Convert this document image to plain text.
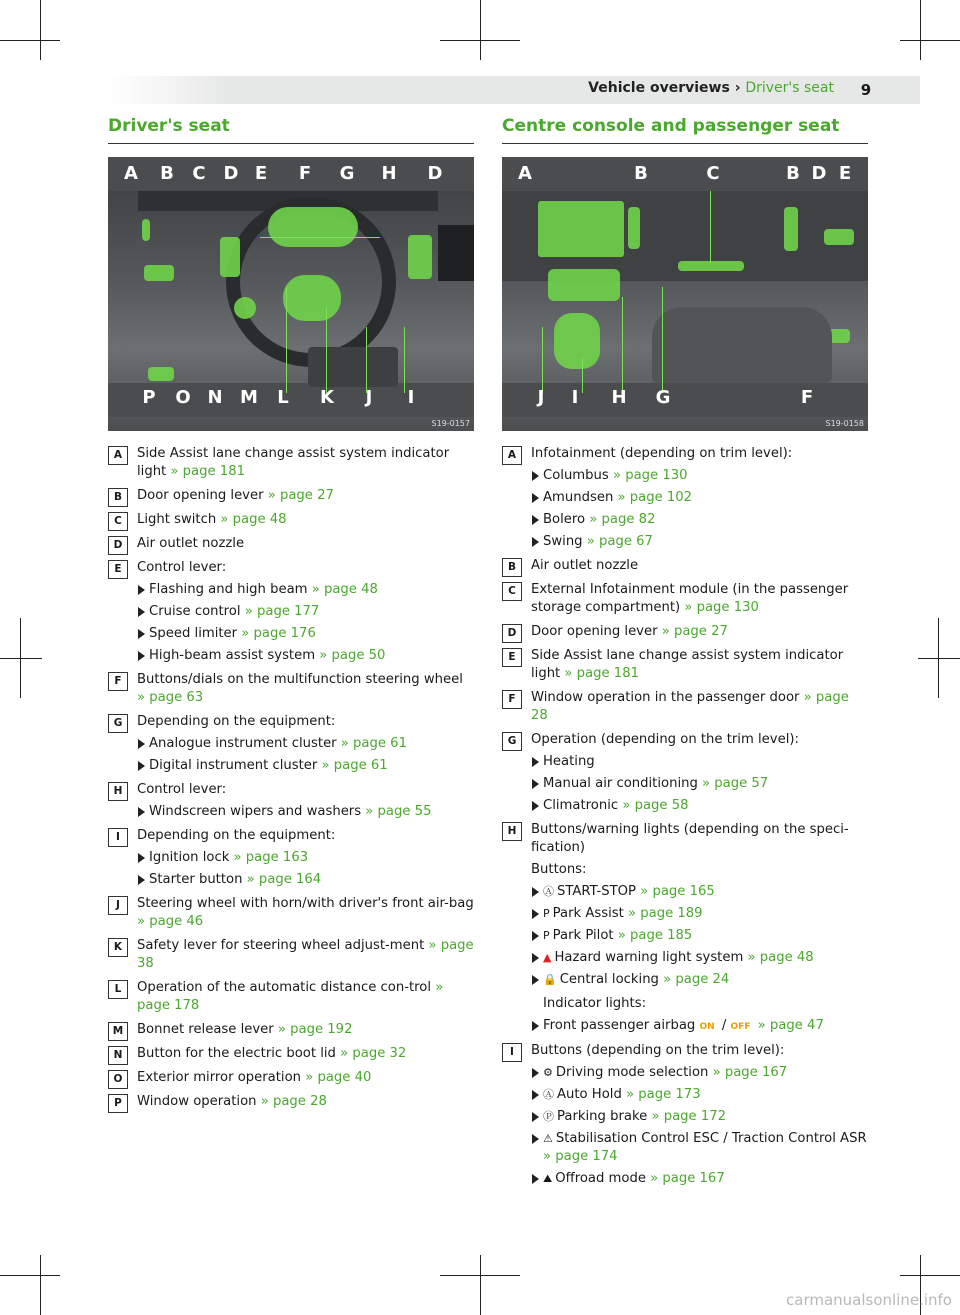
Vehicle overviews › Driver's seat	9
Driver's seat
A	B	C D E	F	G	H	D
P	O N M	L	K	J	I
S19-0157
A	Side Assist lane change assist system indicator light » page 181
B	Door opening lever » page 27
C	Light switch » page 48
D	Air outlet nozzle
E	Control lever:
Flashing and high beam » page 48
Cruise control » page 177
Speed limiter » page 176
High-beam assist system » page 50
F	Buttons/dials on the multifunction steering wheel » page 63
G	Depending on the equipment:
Analogue instrument cluster » page 61
Digital instrument cluster » page 61
H	Control lever:
Windscreen wipers and washers » page 55
I	Depending on the equipment:
Ignition lock » page 163
Starter button » page 164
J	Steering wheel with horn/with driver's front air-bag » page 46
K	Safety lever for steering wheel adjust-ment » page 38
L	Operation of the automatic distance con-trol » page 178
M	Bonnet release lever » page 192
N	Button for the electric boot lid » page 32
O	Exterior mirror operation » page 40
P	Window operation » page 28
Centre console and passenger seat
A	B	C	B D E
J	I	H	G	F
S19-0158
A	Infotainment (depending on trim level):
Columbus » page 130
Amundsen » page 102
Bolero » page 82
Swing » page 67
B	Air outlet nozzle
C	External Infotainment module (in the passenger storage compartment) » page 130
D	Door opening lever » page 27
E	Side Assist lane change assist system indicator light » page 181
F	Window operation in the passenger door » page 28
G	Operation (depending on the trim level):
Heating
Manual air conditioning » page 57
Climatronic » page 58
H	Buttons/warning lights (depending on the speci-fication)
Buttons:
Ⓐ START-STOP » page 165
P Park Assist » page 189
P Park Pilot » page 185
▲ Hazard warning light system » page 48
🔒 Central locking » page 24
Indicator lights:
Front passenger airbag ON / OFF » page 47
I	Buttons (depending on the trim level):
⚙ Driving mode selection » page 167
Ⓐ Auto Hold » page 173
Ⓟ Parking brake » page 172
⚠ Stabilisation Control ESC / Traction Control ASR » page 174
⛰ Offroad mode » page 167
carmanualsonline.info
